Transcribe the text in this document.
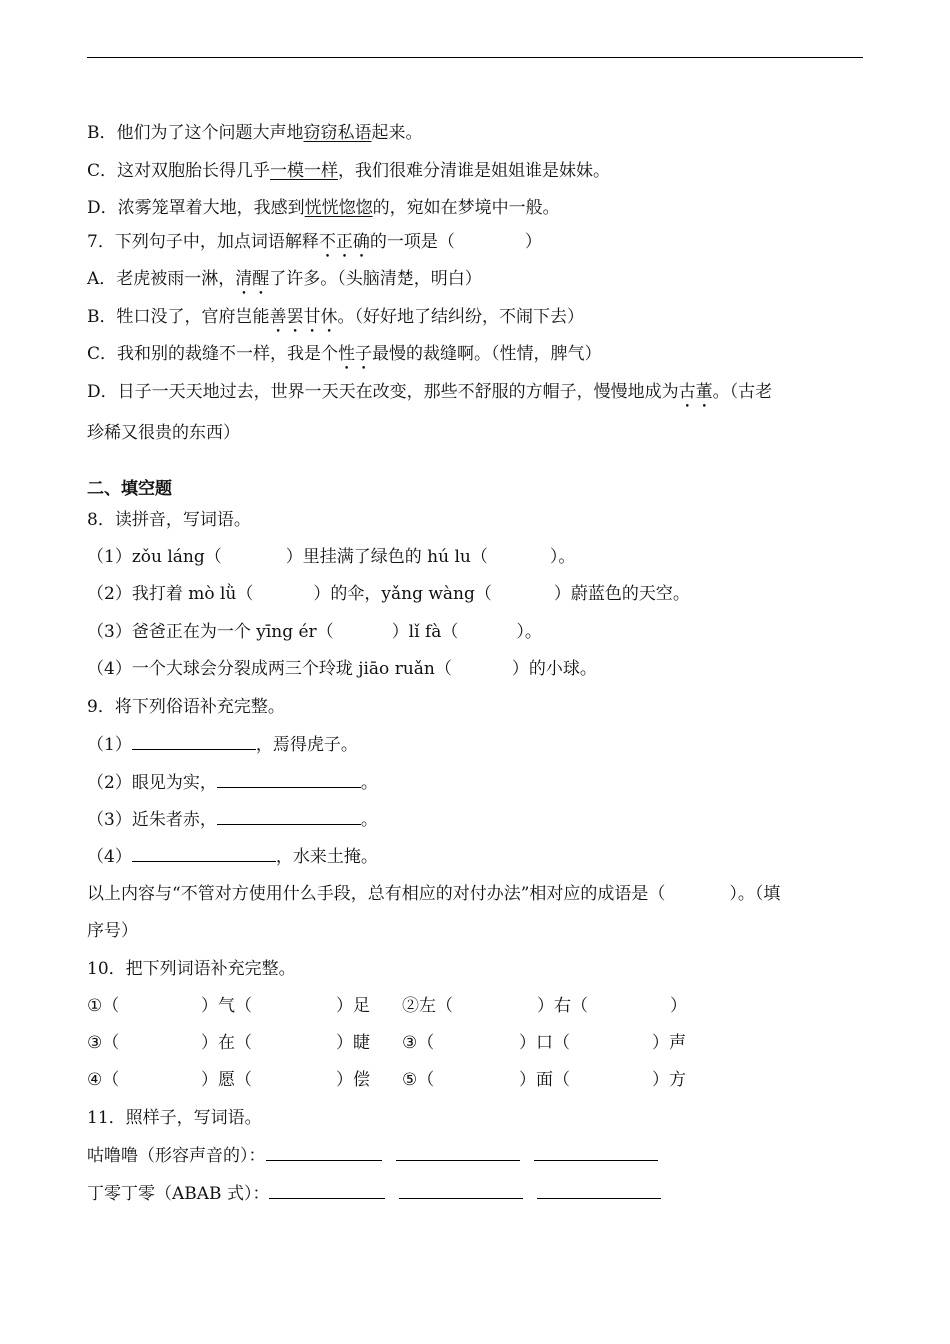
B．他们为了这个问题大声地窃窃私语起来。
C．这对双胞胎长得几乎一模一样，我们很难分清谁是姐姐谁是妹妹。
D．浓雾笼罩着大地，我感到恍恍惚惚的，宛如在梦境中一般。
7．下列句子中，加点词语解释不正确的一项是（	）
A．老虎被雨一淋，清醒了许多。（头脑清楚，明白）
B．牲口没了，官府岂能善罢甘休。（好好地了结纠纷，不闹下去）
C．我和别的裁缝不一样，我是个性子最慢的裁缝啊。（性情，脾气）
D．日子一天天地过去，世界一天天在改变，那些不舒服的方帽子，慢慢地成为古董。（古老
珍稀又很贵的东西）
二、填空题
8．读拼音，写词语。
（1）zǒu láng（	）里挂满了绿色的 hú lu（	）。
（2）我打着 mò lǜ（	）的伞，yǎng wàng（	）蔚蓝色的天空。
（3）爸爸正在为一个 yīng ér（	）lǐ fà（	）。
（4）一个大球会分裂成两三个玲珑 jiāo ruǎn（	）的小球。
9．将下列俗语补充完整。
（1）	，焉得虎子。
（2）眼见为实，	。
（3）近朱者赤，	。
（4）	，水来土掩。
以上内容与“不管对方使用什么手段，总有相应的对付办法”相对应的成语是（	）。（填
序号）
10．把下列词语补充完整。
①（	）气（	）足 ②左（	）右（	）
③（	）在（	）睫 ③（	）口（	）声
④（	）愿（	）偿 ⑤（	）面（	）方
11．照样子，写词语。
咕噜噜（形容声音的）：
丁零丁零（ABAB 式）：
